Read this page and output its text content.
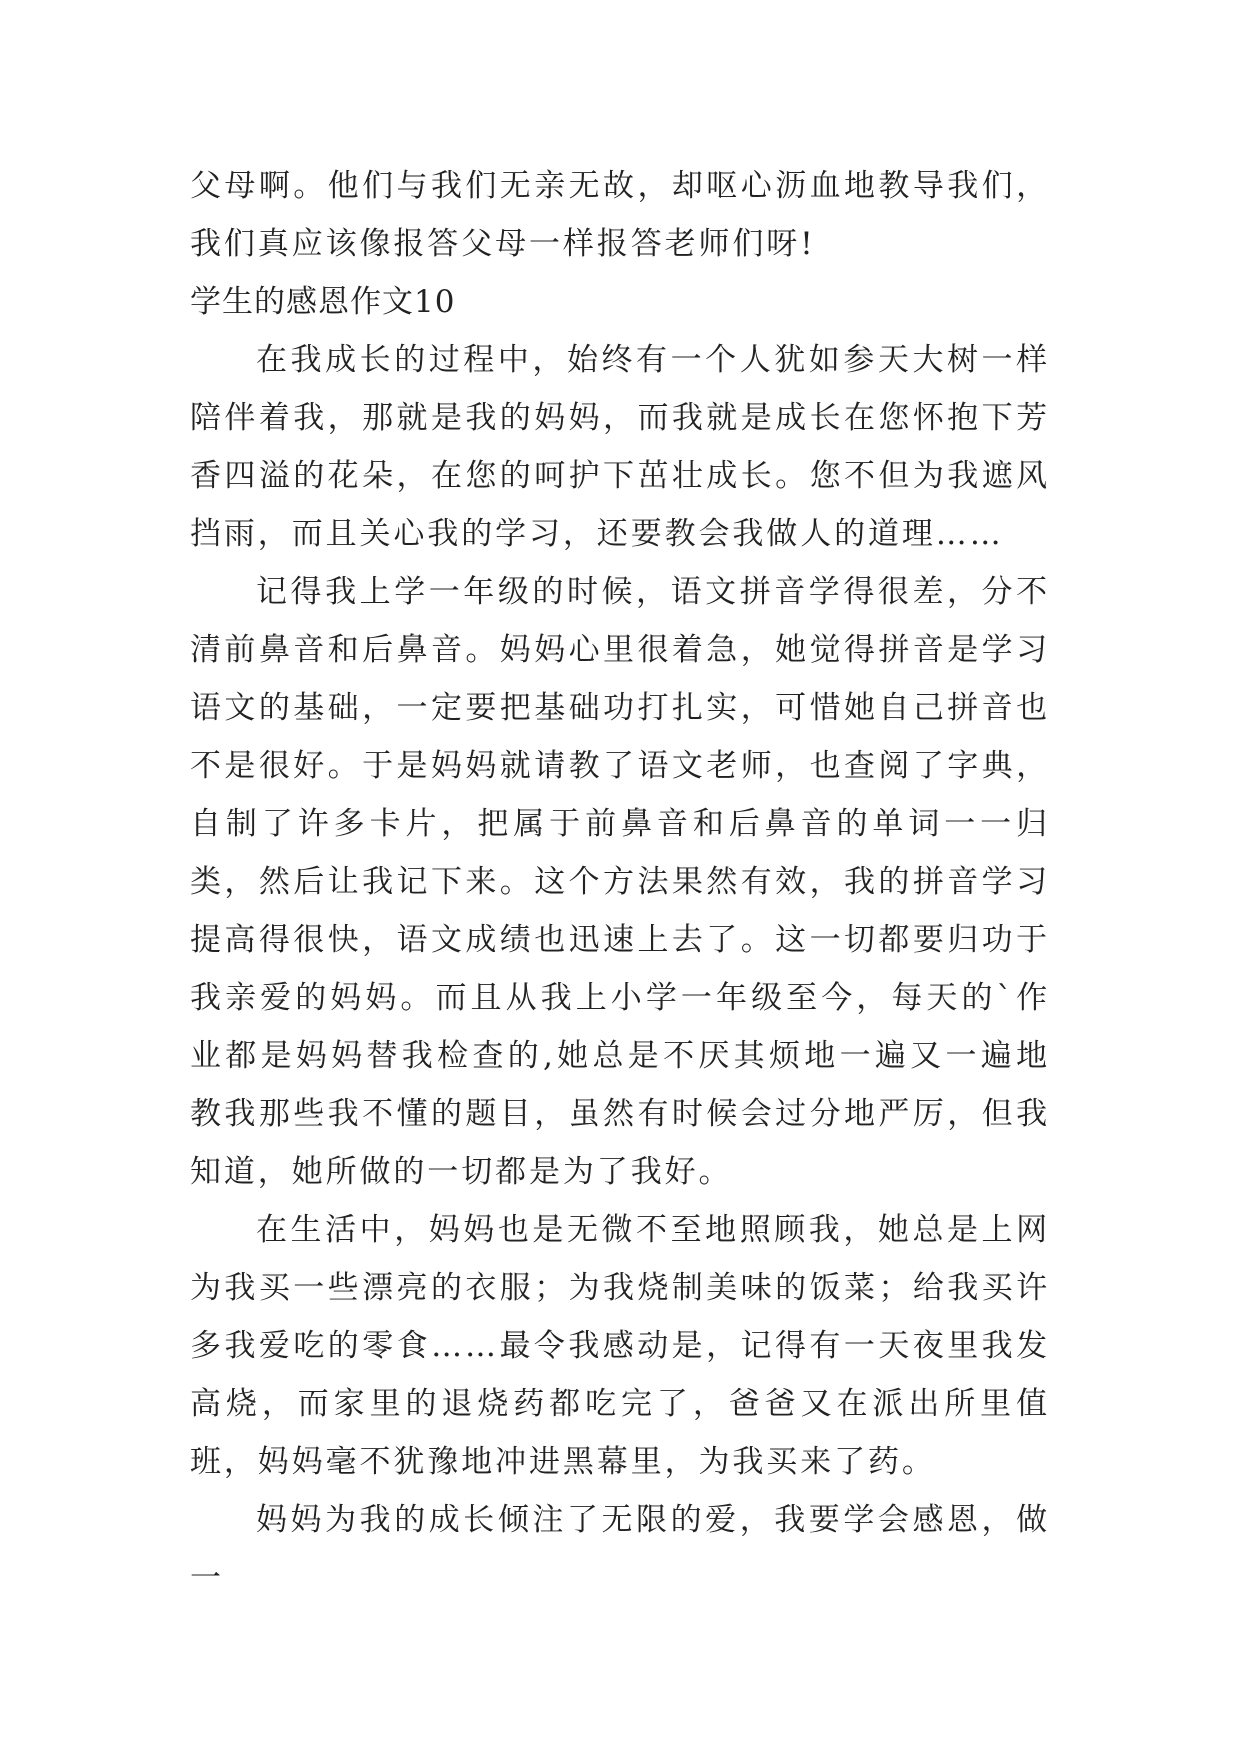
父母啊。他们与我们无亲无故，却呕心沥血地教导我们，我们真应该像报答父母一样报答老师们呀!

学生的感恩作文10

在我成长的过程中，始终有一个人犹如参天大树一样陪伴着我，那就是我的妈妈，而我就是成长在您怀抱下芳香四溢的花朵，在您的呵护下茁壮成长。您不但为我遮风挡雨，而且关心我的学习，还要教会我做人的道理……

记得我上学一年级的时候，语文拼音学得很差，分不清前鼻音和后鼻音。妈妈心里很着急，她觉得拼音是学习语文的基础，一定要把基础功打扎实，可惜她自己拼音也不是很好。于是妈妈就请教了语文老师，也查阅了字典，自制了许多卡片，把属于前鼻音和后鼻音的单词一一归类，然后让我记下来。这个方法果然有效，我的拼音学习提高得很快，语文成绩也迅速上去了。这一切都要归功于我亲爱的妈妈。而且从我上小学一年级至今，每天的`作业都是妈妈替我检查的,她总是不厌其烦地一遍又一遍地教我那些我不懂的题目，虽然有时候会过分地严厉，但我知道，她所做的一切都是为了我好。

在生活中，妈妈也是无微不至地照顾我，她总是上网为我买一些漂亮的衣服；为我烧制美味的饭菜；给我买许多我爱吃的零食……最令我感动是，记得有一天夜里我发高烧，而家里的退烧药都吃完了，爸爸又在派出所里值班，妈妈毫不犹豫地冲进黑幕里，为我买来了药。

妈妈为我的成长倾注了无限的爱，我要学会感恩，做一
